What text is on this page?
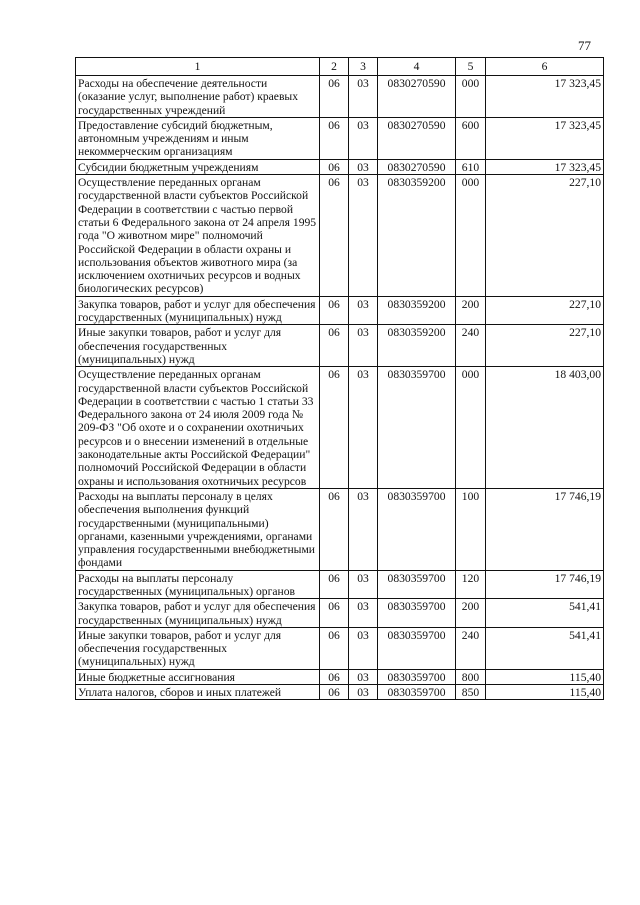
77
1	2	3	4	5	6
Расходы на обеспечение деятельности (оказание услуг, выполнение работ) краевых государственных учреждений	06	03	0830270590	000	17 323,45
Предоставление субсидий бюджетным, автономным учреждениям и иным некоммерческим организациям	06	03	0830270590	600	17 323,45
Субсидии бюджетным учреждениям	06	03	0830270590	610	17 323,45
Осуществление переданных органам государственной власти субъектов Российской Федерации в соответствии с частью первой статьи 6 Федерального закона от 24 апреля 1995 года "О животном мире" полномочий Российской Федерации в области охраны и использования объектов животного мира (за исключением охотничьих ресурсов и водных биологических ресурсов)	06	03	0830359200	000	227,10
Закупка товаров, работ и услуг для обеспечения государственных (муниципальных) нужд	06	03	0830359200	200	227,10
Иные закупки товаров, работ и услуг для обеспечения государственных (муниципальных) нужд	06	03	0830359200	240	227,10
Осуществление переданных органам государственной власти субъектов Российской Федерации в соответствии с частью 1 статьи 33 Федерального закона от 24 июля 2009 года № 209-ФЗ "Об охоте и о сохранении охотничьих ресурсов и о внесении изменений в отдельные законодательные акты Российской Федерации" полномочий Российской Федерации в области охраны и использования охотничьих ресурсов	06	03	0830359700	000	18 403,00
Расходы на выплаты персоналу в целях обеспечения выполнения функций государственными (муниципальными) органами, казенными учреждениями, органами управления государственными внебюджетными фондами	06	03	0830359700	100	17 746,19
Расходы на выплаты персоналу государственных (муниципальных) органов	06	03	0830359700	120	17 746,19
Закупка товаров, работ и услуг для обеспечения государственных (муниципальных) нужд	06	03	0830359700	200	541,41
Иные закупки товаров, работ и услуг для обеспечения государственных (муниципальных) нужд	06	03	0830359700	240	541,41
Иные бюджетные ассигнования	06	03	0830359700	800	115,40
Уплата налогов, сборов и иных платежей	06	03	0830359700	850	115,40
